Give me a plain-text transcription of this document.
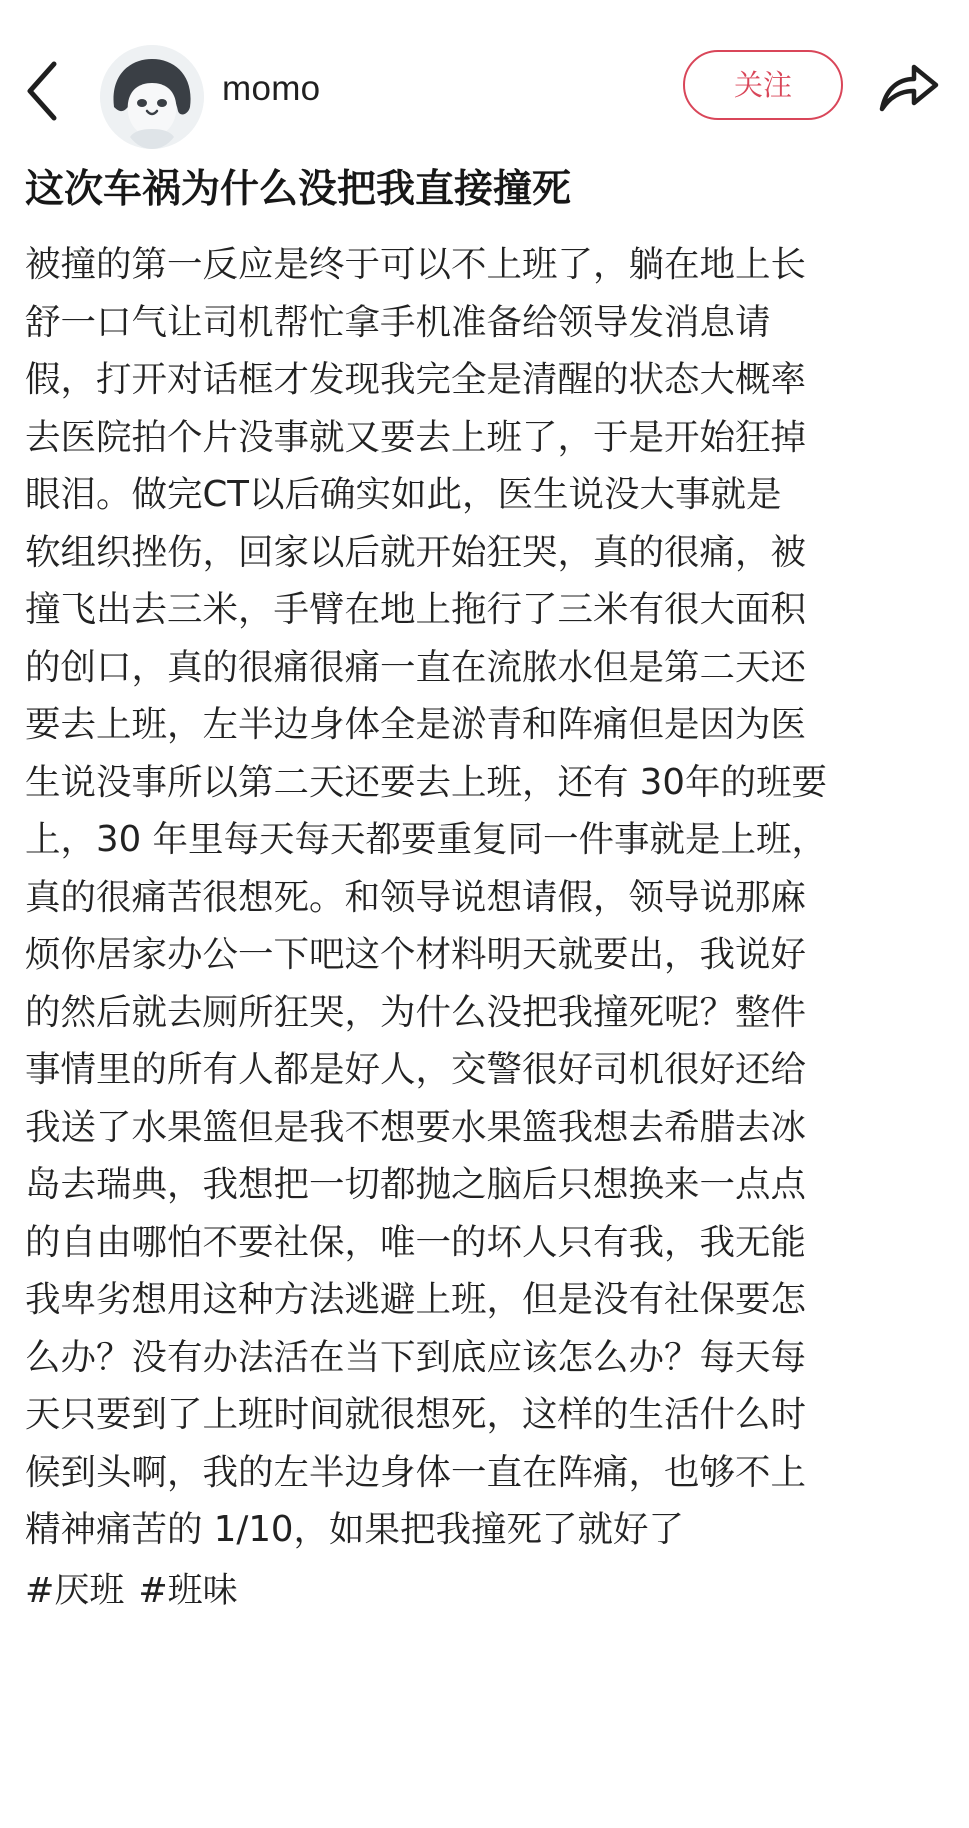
momo	关注
这次车祸为什么没把我直接撞死
被撞的第一反应是终于可以不上班了，躺在地上长
舒一口气让司机帮忙拿手机准备给领导发消息请
假，打开对话框才发现我完全是清醒的状态大概率
去医院拍个片没事就又要去上班了，于是开始狂掉
眼泪。做完CT以后确实如此，医生说没大事就是
软组织挫伤，回家以后就开始狂哭，真的很痛，被
撞飞出去三米，手臂在地上拖行了三米有很大面积
的创口，真的很痛很痛一直在流脓水但是第二天还
要去上班，左半边身体全是淤青和阵痛但是因为医
生说没事所以第二天还要去上班，还有 30年的班要
上，30 年里每天每天都要重复同一件事就是上班，
真的很痛苦很想死。和领导说想请假，领导说那麻
烦你居家办公一下吧这个材料明天就要出，我说好
的然后就去厕所狂哭，为什么没把我撞死呢？整件
事情里的所有人都是好人，交警很好司机很好还给
我送了水果篮但是我不想要水果篮我想去希腊去冰
岛去瑞典，我想把一切都抛之脑后只想换来一点点
的自由哪怕不要社保，唯一的坏人只有我，我无能
我卑劣想用这种方法逃避上班，但是没有社保要怎
么办？没有办法活在当下到底应该怎么办？每天每
天只要到了上班时间就很想死，这样的生活什么时
候到头啊，我的左半边身体一直在阵痛，也够不上
精神痛苦的 1/10，如果把我撞死了就好了
#厌班 #班味
